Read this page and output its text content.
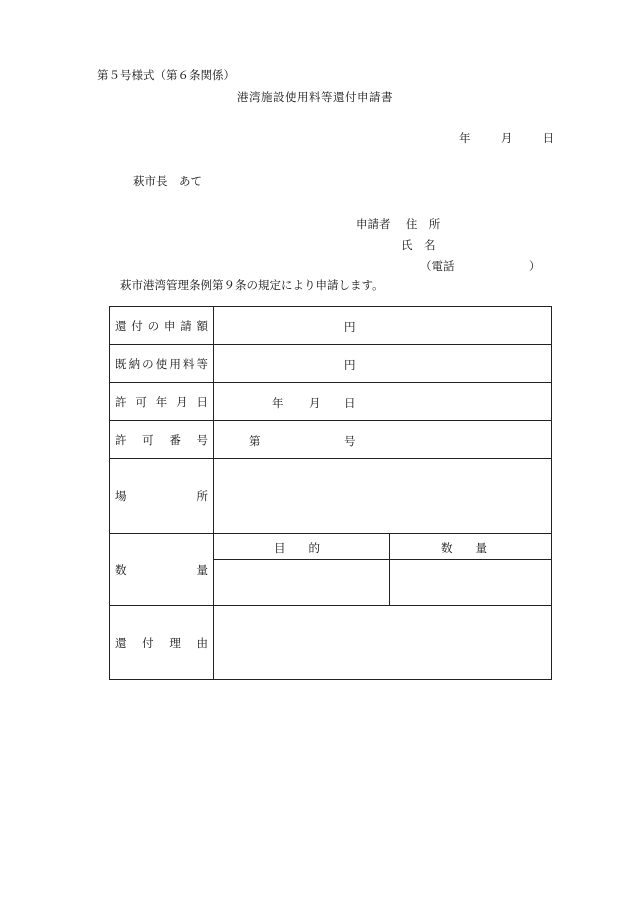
第５号様式（第６条関係）
港湾施設使用料等還付申請書
年	月	日
萩市長　あて
申請者 住　所
氏　名
（電話	）
萩市港湾管理条例第９条の規定により申請します。
還付の申請額	円
既納の使用料等	円
許可年月日	年 月 日
許可番号	第	号
場所
数量
目　　的	数　　量
還付理由
